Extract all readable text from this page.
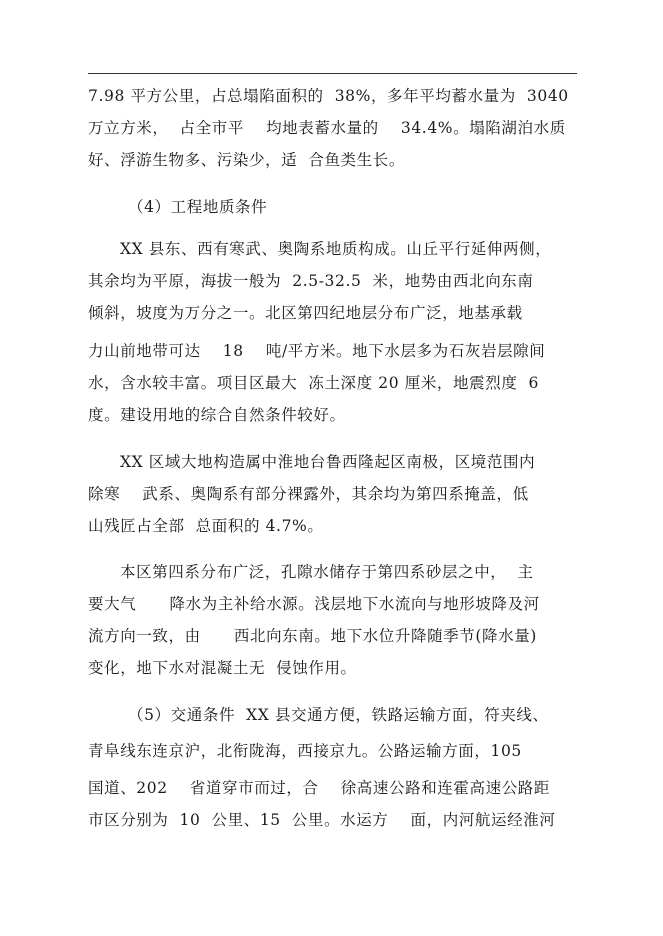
7.98 平方公里，占总塌陷面积的  38%，多年平均蓄水量为  3040
万立方米，  占全市平    均地表蓄水量的    34.4%。塌陷湖泊水质
好、浮游生物多、污染少，适  合鱼类生长。
（4）工程地质条件
XX 县东、西有寒武、奥陶系地质构成。山丘平行延伸两侧，
其余均为平原，海拔一般为  2.5-32.5  米，地势由西北向东南
倾斜，坡度为万分之一。北区第四纪地层分布广泛，地基承载
力山前地带可达    18    吨/平方米。地下水层多为石灰岩层隙间
水，含水较丰富。项目区最大  冻土深度 20 厘米，地震烈度  6
度。建设用地的综合自然条件较好。
XX 区域大地构造属中淮地台鲁西隆起区南极，区境范围内
除寒    武系、奥陶系有部分裸露外，其余均为第四系掩盖，低
山残匠占全部  总面积的 4.7%。
本区第四系分布广泛，孔隙水储存于第四系砂层之中，  主
要大气      降水为主补给水源。浅层地下水流向与地形坡降及河
流方向一致，由      西北向东南。地下水位升降随季节(降水量)
变化，地下水对混凝土无  侵蚀作用。
（5）交通条件  XX 县交通方便，铁路运输方面，符夹线、
青阜线东连京沪，北衔陇海，西接京九。公路运输方面，105
国道、202    省道穿市而过，合    徐高速公路和连霍高速公路距
市区分别为  10  公里、15  公里。水运方    面，内河航运经淮河
